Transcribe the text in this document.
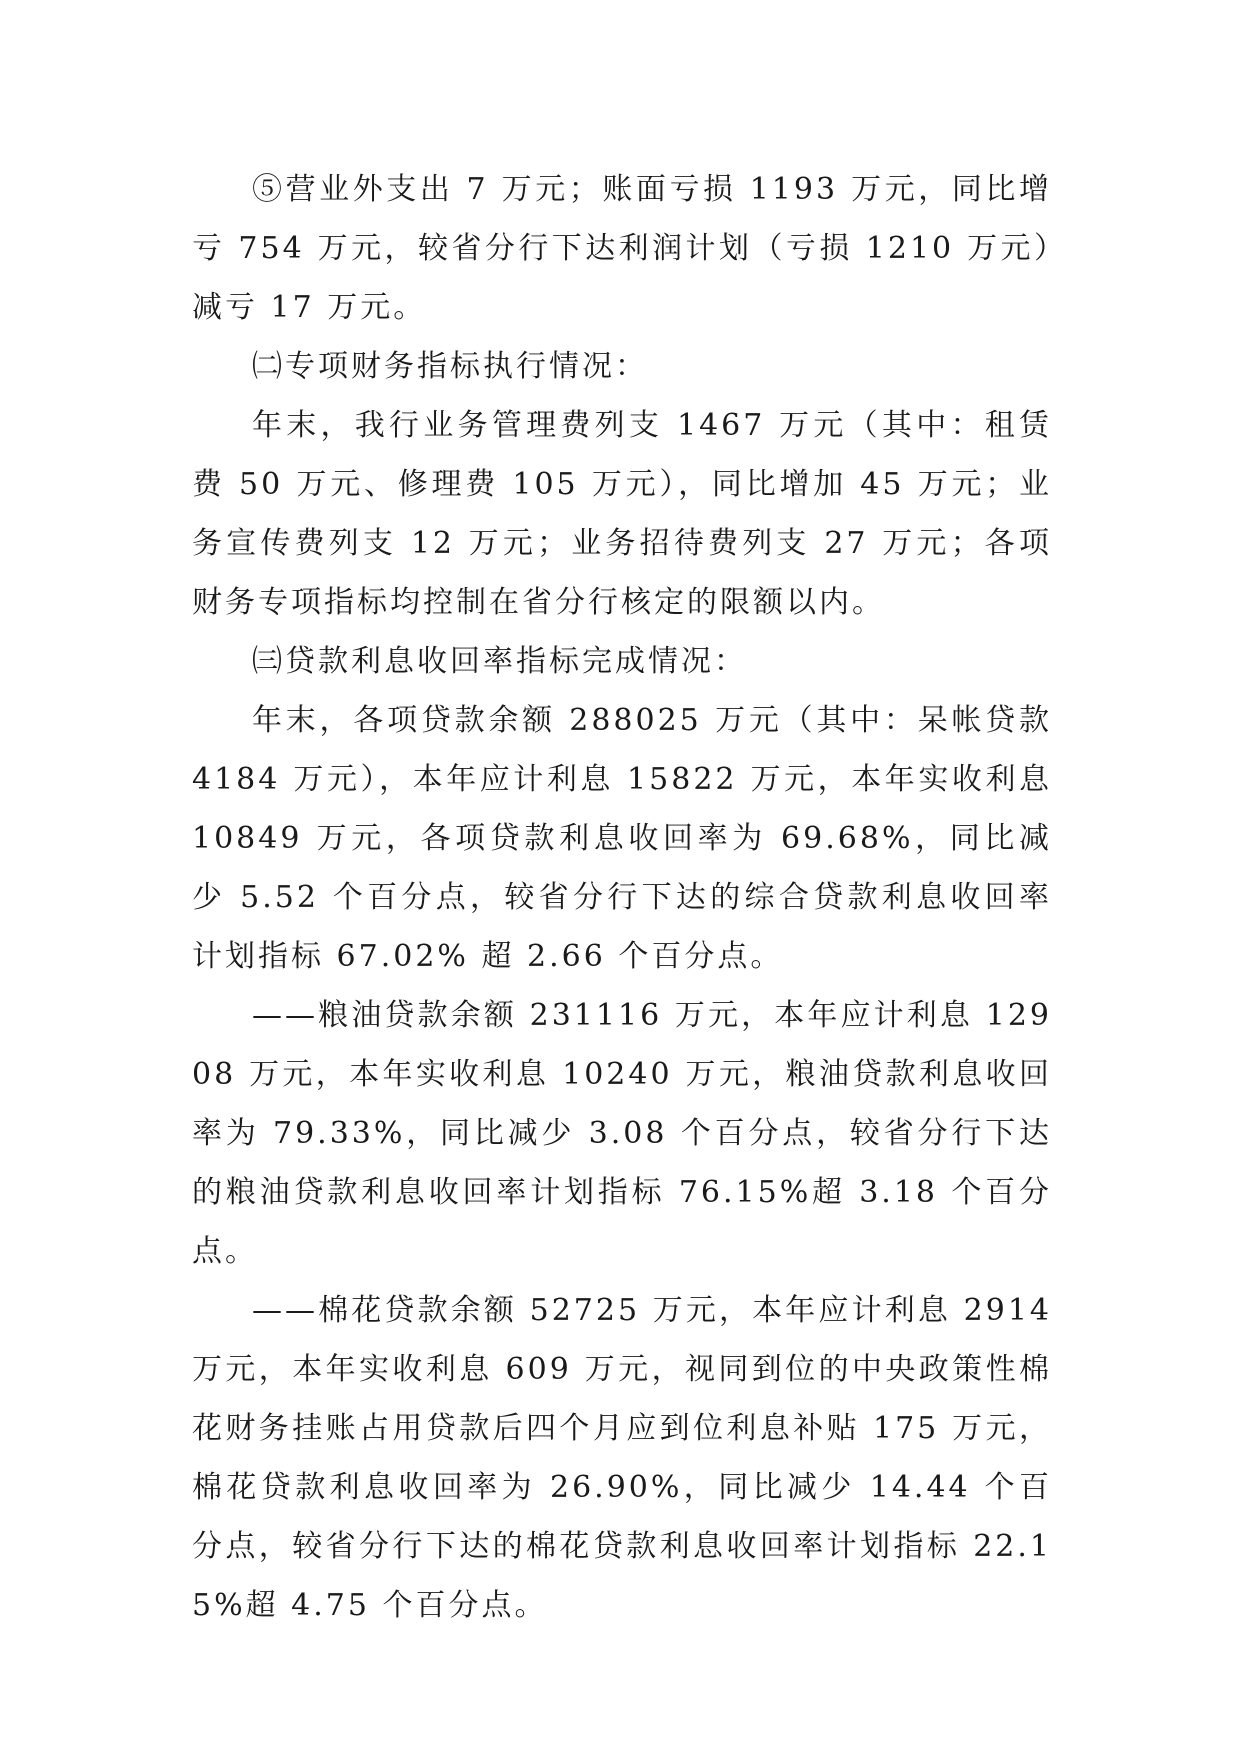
⑤营业外支出 7 万元；账面亏损 1193 万元，同比增亏 754 万元，较省分行下达利润计划（亏损 1210 万元）减亏 17 万元。

㈡专项财务指标执行情况：

年末，我行业务管理费列支 1467 万元（其中：租赁费 50 万元、修理费 105 万元），同比增加 45 万元；业务宣传费列支 12 万元；业务招待费列支 27 万元；各项财务专项指标均控制在省分行核定的限额以内。

㈢贷款利息收回率指标完成情况：

年末，各项贷款余额 288025 万元（其中：呆帐贷款 4184 万元），本年应计利息 15822 万元，本年实收利息 10849 万元，各项贷款利息收回率为 69.68%，同比减少 5.52 个百分点，较省分行下达的综合贷款利息收回率计划指标 67.02% 超 2.66 个百分点。

——粮油贷款余额 231116 万元，本年应计利息 12908 万元，本年实收利息 10240 万元，粮油贷款利息收回率为 79.33%，同比减少 3.08 个百分点，较省分行下达的粮油贷款利息收回率计划指标 76.15%超 3.18 个百分点。

——棉花贷款余额 52725 万元，本年应计利息 2914 万元，本年实收利息 609 万元，视同到位的中央政策性棉花财务挂账占用贷款后四个月应到位利息补贴 175 万元，棉花贷款利息收回率为 26.90%，同比减少 14.44 个百分点，较省分行下达的棉花贷款利息收回率计划指标 22.15%超 4.75 个百分点。
